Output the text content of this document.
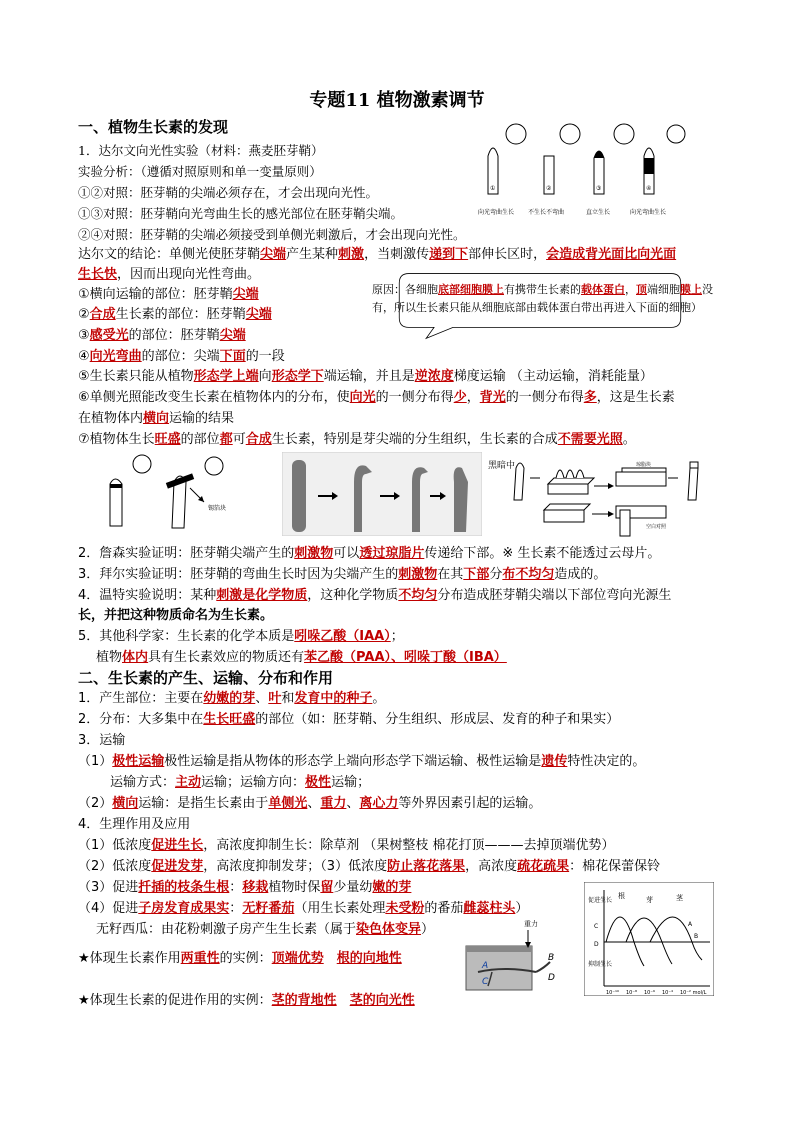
专题11 植物激素调节
一、植物生长素的发现
1．达尔文向光性实验（材料：燕麦胚芽鞘）
实验分析：（遵循对照原则和单一变量原则）
①②对照：胚芽鞘的尖端必须存在，才会出现向光性。
①③对照：胚芽鞘向光弯曲生长的感光部位在胚芽鞘尖端。
②④对照：胚芽鞘的尖端必须接受到单侧光刺激后，才会出现向光性。
①	②	③	④
向光弯曲生长 不生长不弯曲	直立生长	向光弯曲生长
达尔文的结论：单侧光使胚芽鞘尖端产生某种刺激，当刺激传递到下部伸长区时，会造成背光面比向光面
生长快，因而出现向光性弯曲。
原因：各细胞底部细胞膜上有携带生长素的载体蛋白，顶端细胞膜上没有，所以生长素只能从细胞底部由载体蛋白带出再进入下面的细胞）
①横向运输的部位：胚芽鞘尖端
②合成生长素的部位：胚芽鞘尖端
③感受光的部位：胚芽鞘尖端
④向光弯曲的部位：尖端下面的一段
⑤生长素只能从植物形态学上端向形态学下端运输，并且是逆浓度梯度运输 （主动运输，消耗能量）
⑥单侧光照能改变生长素在植物体内的分布，使向光的一侧分布得少，背光的一侧分布得多，这是生长素
在植物体内横向运输的结果
⑦植物体生长旺盛的部位都可合成生长素，特别是芽尖端的分生组织，生长素的合成不需要光照。
锡箔块
黑暗中	琼脂块
空白对照
2．詹森实验证明：胚芽鞘尖端产生的刺激物可以透过琼脂片传递给下部。※ 生长素不能透过云母片。
3．拜尔实验证明：胚芽鞘的弯曲生长时因为尖端产生的刺激物在其下部分布不均匀造成的。
4．温特实验说明：某种刺激是化学物质，这种化学物质不均匀分布造成胚芽鞘尖端以下部位弯向光源生
长，并把这种物质命名为生长素。
5．其他科学家：生长素的化学本质是吲哚乙酸（IAA）；
植物体内具有生长素效应的物质还有苯乙酸（PAA）、吲哚丁酸（IBA）
二、生长素的产生、运输、分布和作用
1．产生部位：主要在幼嫩的芽、叶和发育中的种子。
2．分布：大多集中在生长旺盛的部位（如：胚芽鞘、分生组织、形成层、发育的种子和果实）
3．运输
（1）极性运输极性运输是指从物体的形态学上端向形态学下端运输、极性运输是遗传特性决定的。
运输方式：主动运输；运输方向：极性运输；
（2）横向运输：是指生长素由于单侧光、重力、离心力等外界因素引起的运输。
4．生理作用及应用
（1）低浓度促进生长，高浓度抑制生长：除草剂 （果树整枝 棉花打顶———去掉顶端优势）
（2）低浓度促进发芽，高浓度抑制发芽；（3）低浓度防止落花落果，高浓度疏花疏果：棉花保蕾保铃
（3）促进扦插的枝条生根：移栽植物时保留少量幼嫩的芽
（4）促进子房发育成果实：无籽番茄（用生长素处理未受粉的番茄雌蕊柱头）
无籽西瓜：由花粉刺激子房产生生长素（属于染色体变异）
★体现生长素作用两重性的实例：顶端优势　 根的向地性
★体现生长素的促进作用的实例：茎的背地性　 茎的向光性
重力
A
C
B
D
促进生长
抑制生长
根	芽	茎
A
B
C
D
10⁻¹⁰ 10⁻⁸ 10⁻⁶ 10⁻⁴ 10⁻² mol/L
